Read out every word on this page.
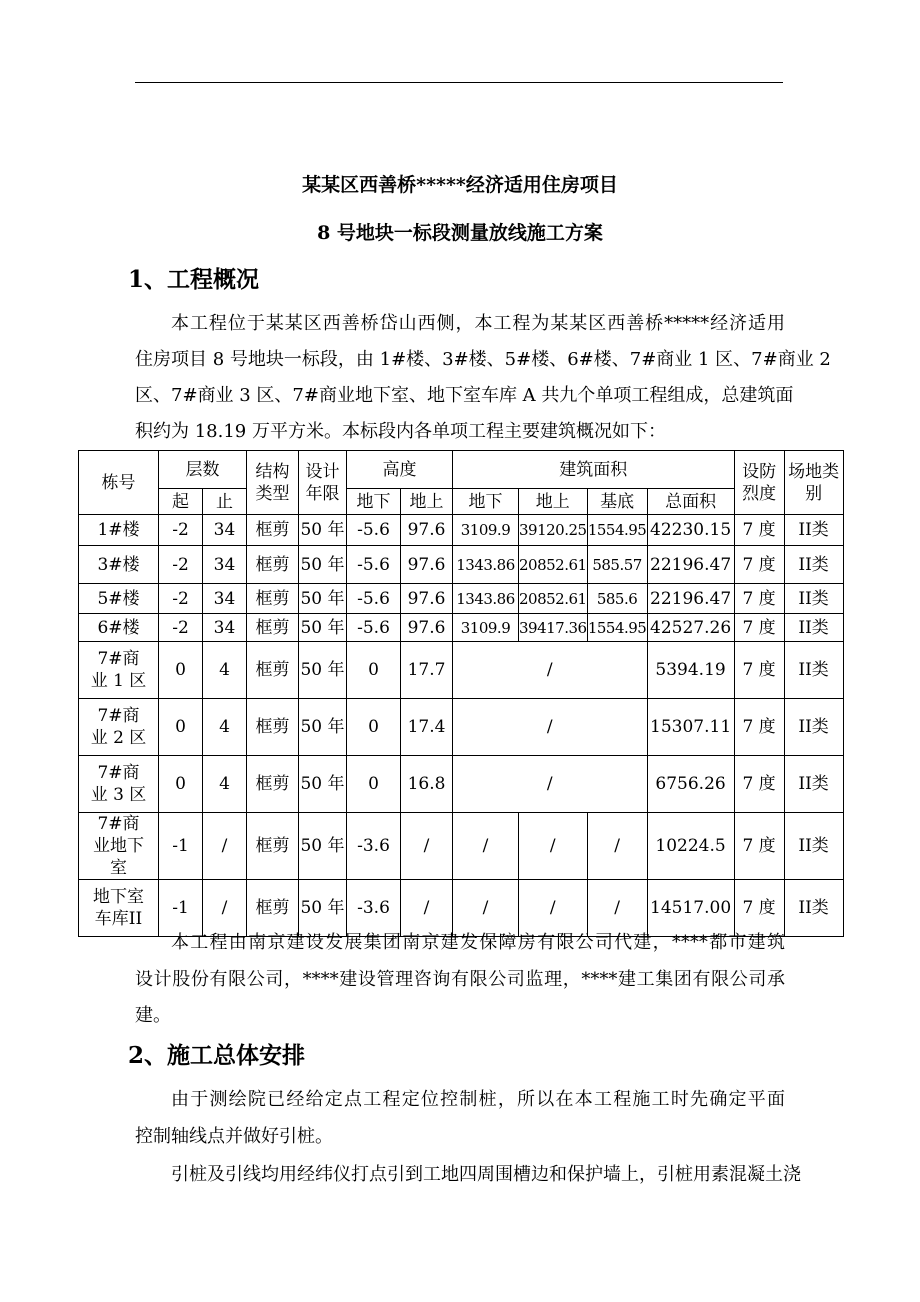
某某区西善桥*****经济适用住房项目
8 号地块一标段测量放线施工方案
1、工程概况
栋号	层数		结构类型	设计年限	高度		建筑面积				设防烈度	场地类别
	起	止			地下	地上	地下	地上	基底	总面积		
1#楼	-2	34	框剪	50 年	-5.6	97.6	3109.9	39120.25	1554.95	42230.15	7 度	II类
3#楼	-2	34	框剪	50 年	-5.6	97.6	1343.86	20852.61	585.57	22196.47	7 度	II类
5#楼	-2	34	框剪	50 年	-5.6	97.6	1343.86	20852.61	585.6	22196.47	7 度	II类
6#楼	-2	34	框剪	50 年	-5.6	97.6	3109.9	39417.36	1554.95	42527.26	7 度	II类
7#商业 1 区	0	4	框剪	50 年	0	17.7	/			5394.19	7 度	II类
7#商业 2 区	0	4	框剪	50 年	0	17.4	/			15307.11	7 度	II类
7#商业 3 区	0	4	框剪	50 年	0	16.8	/			6756.26	7 度	II类
7#商业地下室	-1	/	框剪	50 年	-3.6	/	/	/	/	10224.5	7 度	II类
地下室车库II	-1	/	框剪	50 年	-3.6	/	/	/	/	14517.00	7 度	II类
2、施工总体安排
本工程位于某某区西善桥岱山西侧，本工程为某某区西善桥*****经济适用
住房项目 8 号地块一标段，由 1#楼、3#楼、5#楼、6#楼、7#商业 1 区、7#商业 2
区、7#商业 3 区、7#商业地下室、地下室车库 A 共九个单项工程组成，总建筑面
积约为 18.19 万平方米。本标段内各单项工程主要建筑概况如下：
本工程由南京建设发展集团南京建发保障房有限公司代建，****都市建筑
设计股份有限公司，****建设管理咨询有限公司监理，****建工集团有限公司承
建。
由于测绘院已经给定点工程定位控制桩，所以在本工程施工时先确定平面
控制轴线点并做好引桩。
引桩及引线均用经纬仪打点引到工地四周围槽边和保护墙上，引桩用素混凝土浇
